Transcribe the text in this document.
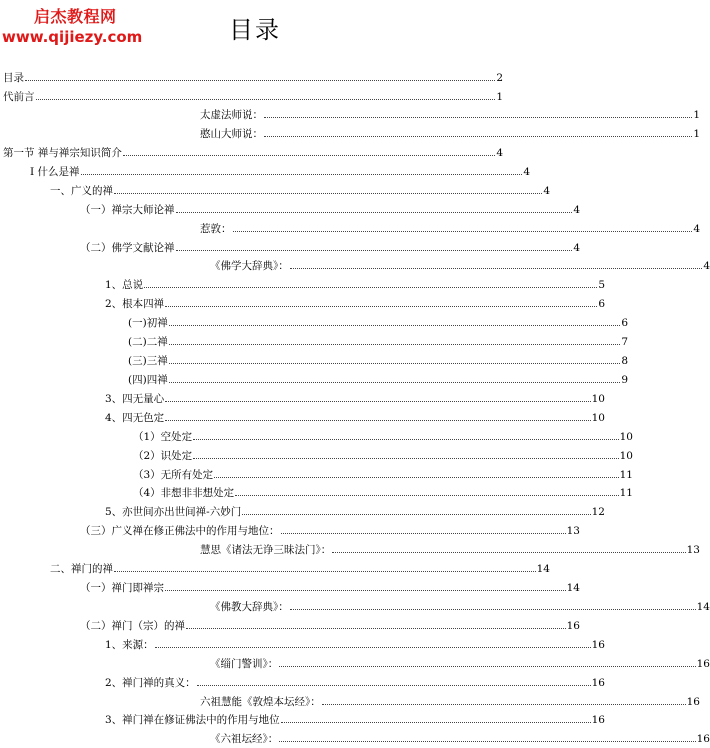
启杰教程网
www.qijiezy.com	目录
目录	2
代前言	1
太虚法师说：	1
憨山大师说：	1
第一节 禅与禅宗知识简介	4
Ⅰ 什么是禅	4
一、广义的禅	4
（一）禅宗大师论禅	4
惹敦：	4
（二）佛学文献论禅	4
《佛学大辞典》：	4
1、总说	5
2、根本四禅	6
(一)初禅	6
(二)二禅	7
(三)三禅	8
(四)四禅	9
3、四无量心	10
4、四无色定	10
（1）空处定	10
（2）识处定	10
（3）无所有处定	11
（4）非想非非想处定	11
5、亦世间亦出世间禅-六妙门	12
（三）广义禅在修正佛法中的作用与地位：	13
慧思《诸法无诤三昧法门》：	13
二、禅门的禅	14
（一）禅门即禅宗	14
《佛教大辞典》：	14
（二）禅门（宗）的禅	16
1、来源：	16
《缁门警训》：	16
2、禅门禅的真义：	16
六祖慧能《敦煌本坛经》：	16
3、禅门禅在修证佛法中的作用与地位	16
《六祖坛经》：	16
